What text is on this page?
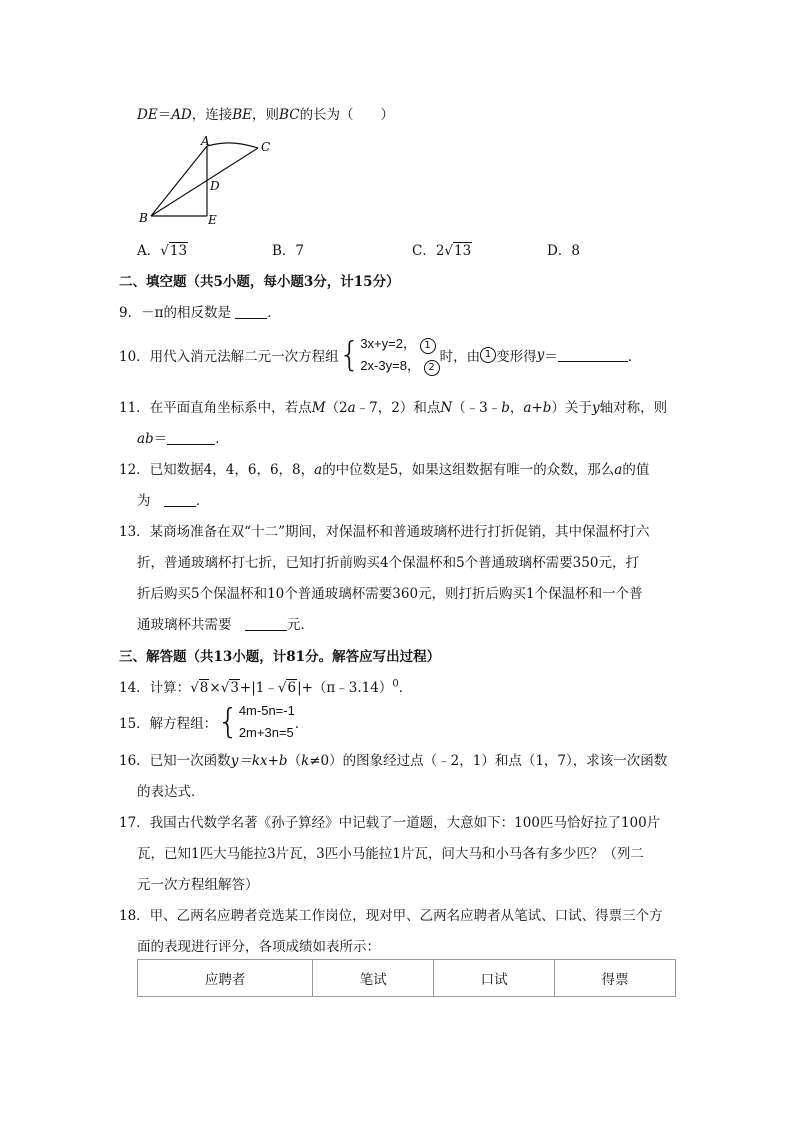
DE＝AD，连接BE，则BC的长为（　　）
A	C
D
B	E
A．√13	B．7	C．2√13	D．8
二、填空题（共5小题，每小题3分，计15分）
9．－π的相反数是	．
10．用代入消元法解二元一次方程组{3x+y=2， 1
2x-3y=8， 2时，由 1 变形得y＝	．
11．在平面直角坐标系中，若点M（2a﹣7，2）和点N（﹣3﹣b，a+b）关于y轴对称，则
ab＝	．
12．已知数据4，4，6，6，8，a的中位数是5，如果这组数据有唯一的众数，那么a的值
为　	．
13．某商场准备在双“十二”期间，对保温杯和普通玻璃杯进行打折促销，其中保温杯打六
折，普通玻璃杯打七折，已知打折前购买4个保温杯和5个普通玻璃杯需要350元，打
折后购买5个保温杯和10个普通玻璃杯需要360元，则打折后购买1个保温杯和一个普
通玻璃杯共需要　	元．
三、解答题（共13小题，计81分。解答应写出过程）
14．计算：√8×√3+|1﹣√6|+（π﹣3.14）$^0$．
15．解方程组：{4m-5n=-1
2m+3n=5．
16．已知一次函数y＝kx+b（k≠0）的图象经过点（﹣2，1）和点（1，7），求该一次函数
的表达式．
17．我国古代数学名著《孙子算经》中记载了一道题，大意如下：100匹马恰好拉了100片
瓦，已知1匹大马能拉3片瓦，3匹小马能拉1片瓦，问大马和小马各有多少匹？（列二
元一次方程组解答）
18．甲、乙两名应聘者竞选某工作岗位，现对甲、乙两名应聘者从笔试、口试、得票三个方
面的表现进行评分，各项成绩如表所示：
应聘者	笔试	口试	得票
